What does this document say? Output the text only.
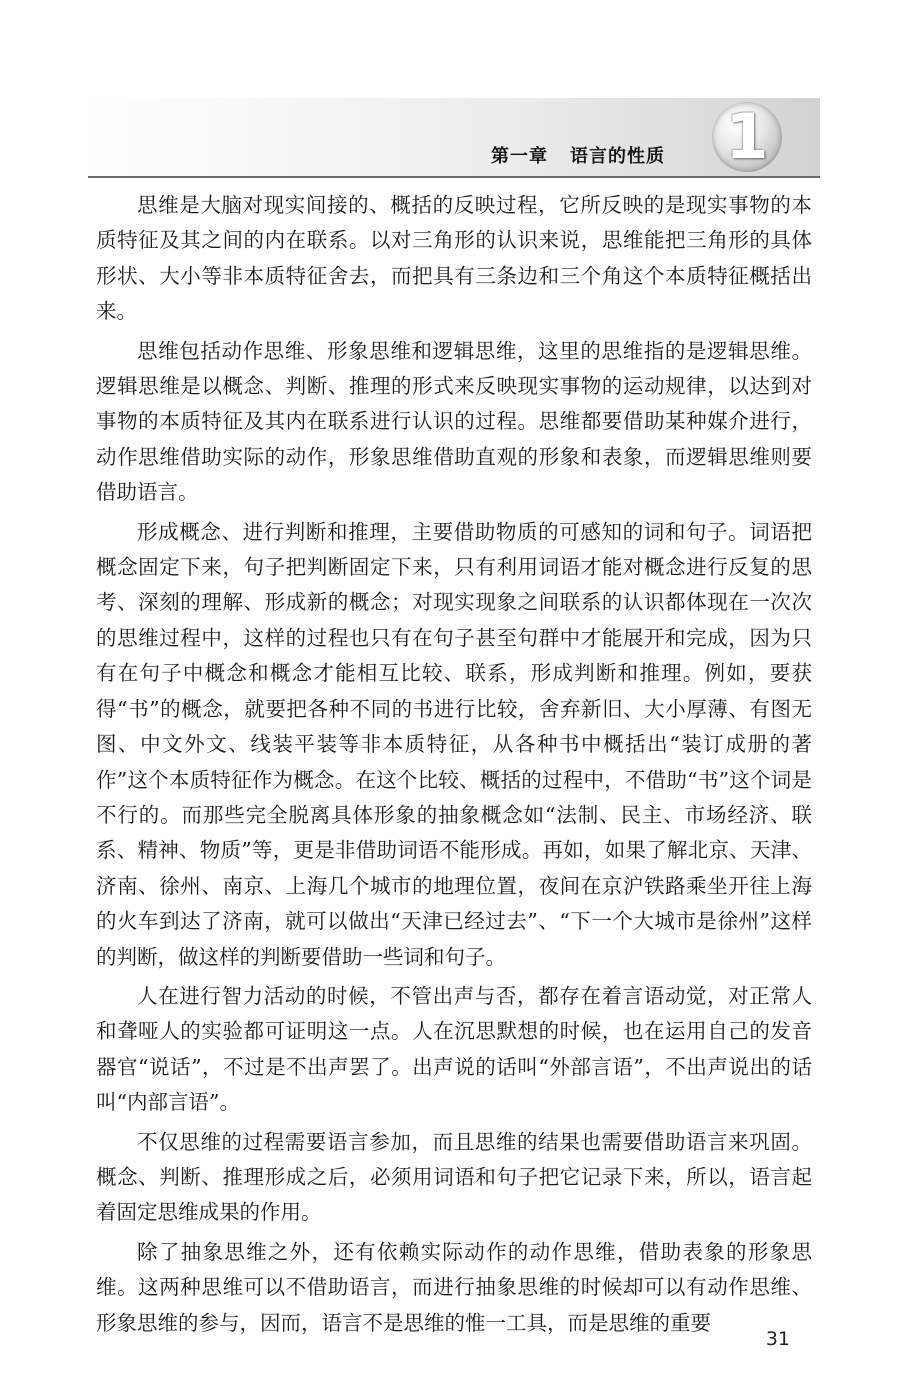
第一章 语言的性质 1

思维是大脑对现实间接的、概括的反映过程，它所反映的是现实事物的本质特征及其之间的内在联系。以对三角形的认识来说，思维能把三角形的具体形状、大小等非本质特征舍去，而把具有三条边和三个角这个本质特征概括出来。

思维包括动作思维、形象思维和逻辑思维，这里的思维指的是逻辑思维。逻辑思维是以概念、判断、推理的形式来反映现实事物的运动规律，以达到对事物的本质特征及其内在联系进行认识的过程。思维都要借助某种媒介进行，动作思维借助实际的动作，形象思维借助直观的形象和表象，而逻辑思维则要借助语言。

形成概念、进行判断和推理，主要借助物质的可感知的词和句子。词语把概念固定下来，句子把判断固定下来，只有利用词语才能对概念进行反复的思考、深刻的理解、形成新的概念；对现实现象之间联系的认识都体现在一次次的思维过程中，这样的过程也只有在句子甚至句群中才能展开和完成，因为只有在句子中概念和概念才能相互比较、联系，形成判断和推理。例如，要获得“书”的概念，就要把各种不同的书进行比较，舍弃新旧、大小厚薄、有图无图、中文外文、线装平装等非本质特征，从各种书中概括出“装订成册的著作”这个本质特征作为概念。在这个比较、概括的过程中，不借助“书”这个词是不行的。而那些完全脱离具体形象的抽象概念如“法制、民主、市场经济、联系、精神、物质”等，更是非借助词语不能形成。再如，如果了解北京、天津、济南、徐州、南京、上海几个城市的地理位置，夜间在京沪铁路乘坐开往上海的火车到达了济南，就可以做出“天津已经过去”、“下一个大城市是徐州”这样的判断，做这样的判断要借助一些词和句子。

人在进行智力活动的时候，不管出声与否，都存在着言语动觉，对正常人和聋哑人的实验都可证明这一点。人在沉思默想的时候，也在运用自己的发音器官“说话”，不过是不出声罢了。出声说的话叫“外部言语”，不出声说出的话叫“内部言语”。

不仅思维的过程需要语言参加，而且思维的结果也需要借助语言来巩固。概念、判断、推理形成之后，必须用词语和句子把它记录下来，所以，语言起着固定思维成果的作用。

除了抽象思维之外，还有依赖实际动作的动作思维，借助表象的形象思维。这两种思维可以不借助语言，而进行抽象思维的时候却可以有动作思维、形象思维的参与，因而，语言不是思维的惟一工具，而是思维的重要

31
